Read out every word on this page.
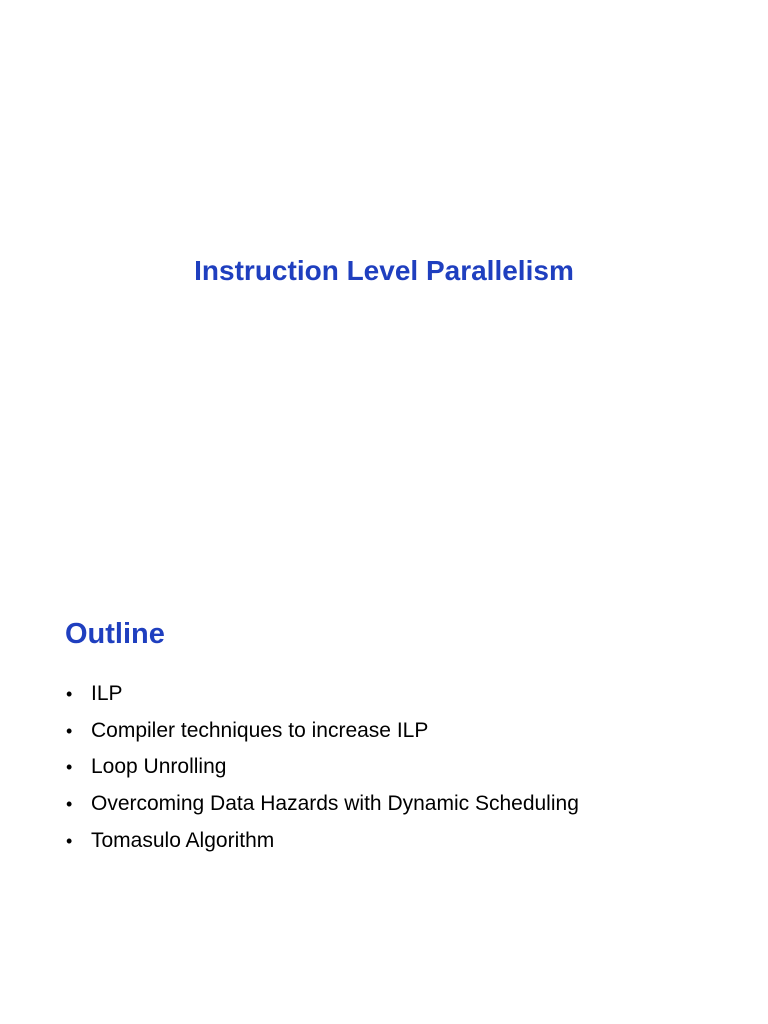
Instruction Level Parallelism
Outline
• ILP
• Compiler techniques to increase ILP
• Loop Unrolling
• Overcoming Data Hazards with Dynamic Scheduling
• Tomasulo Algorithm
